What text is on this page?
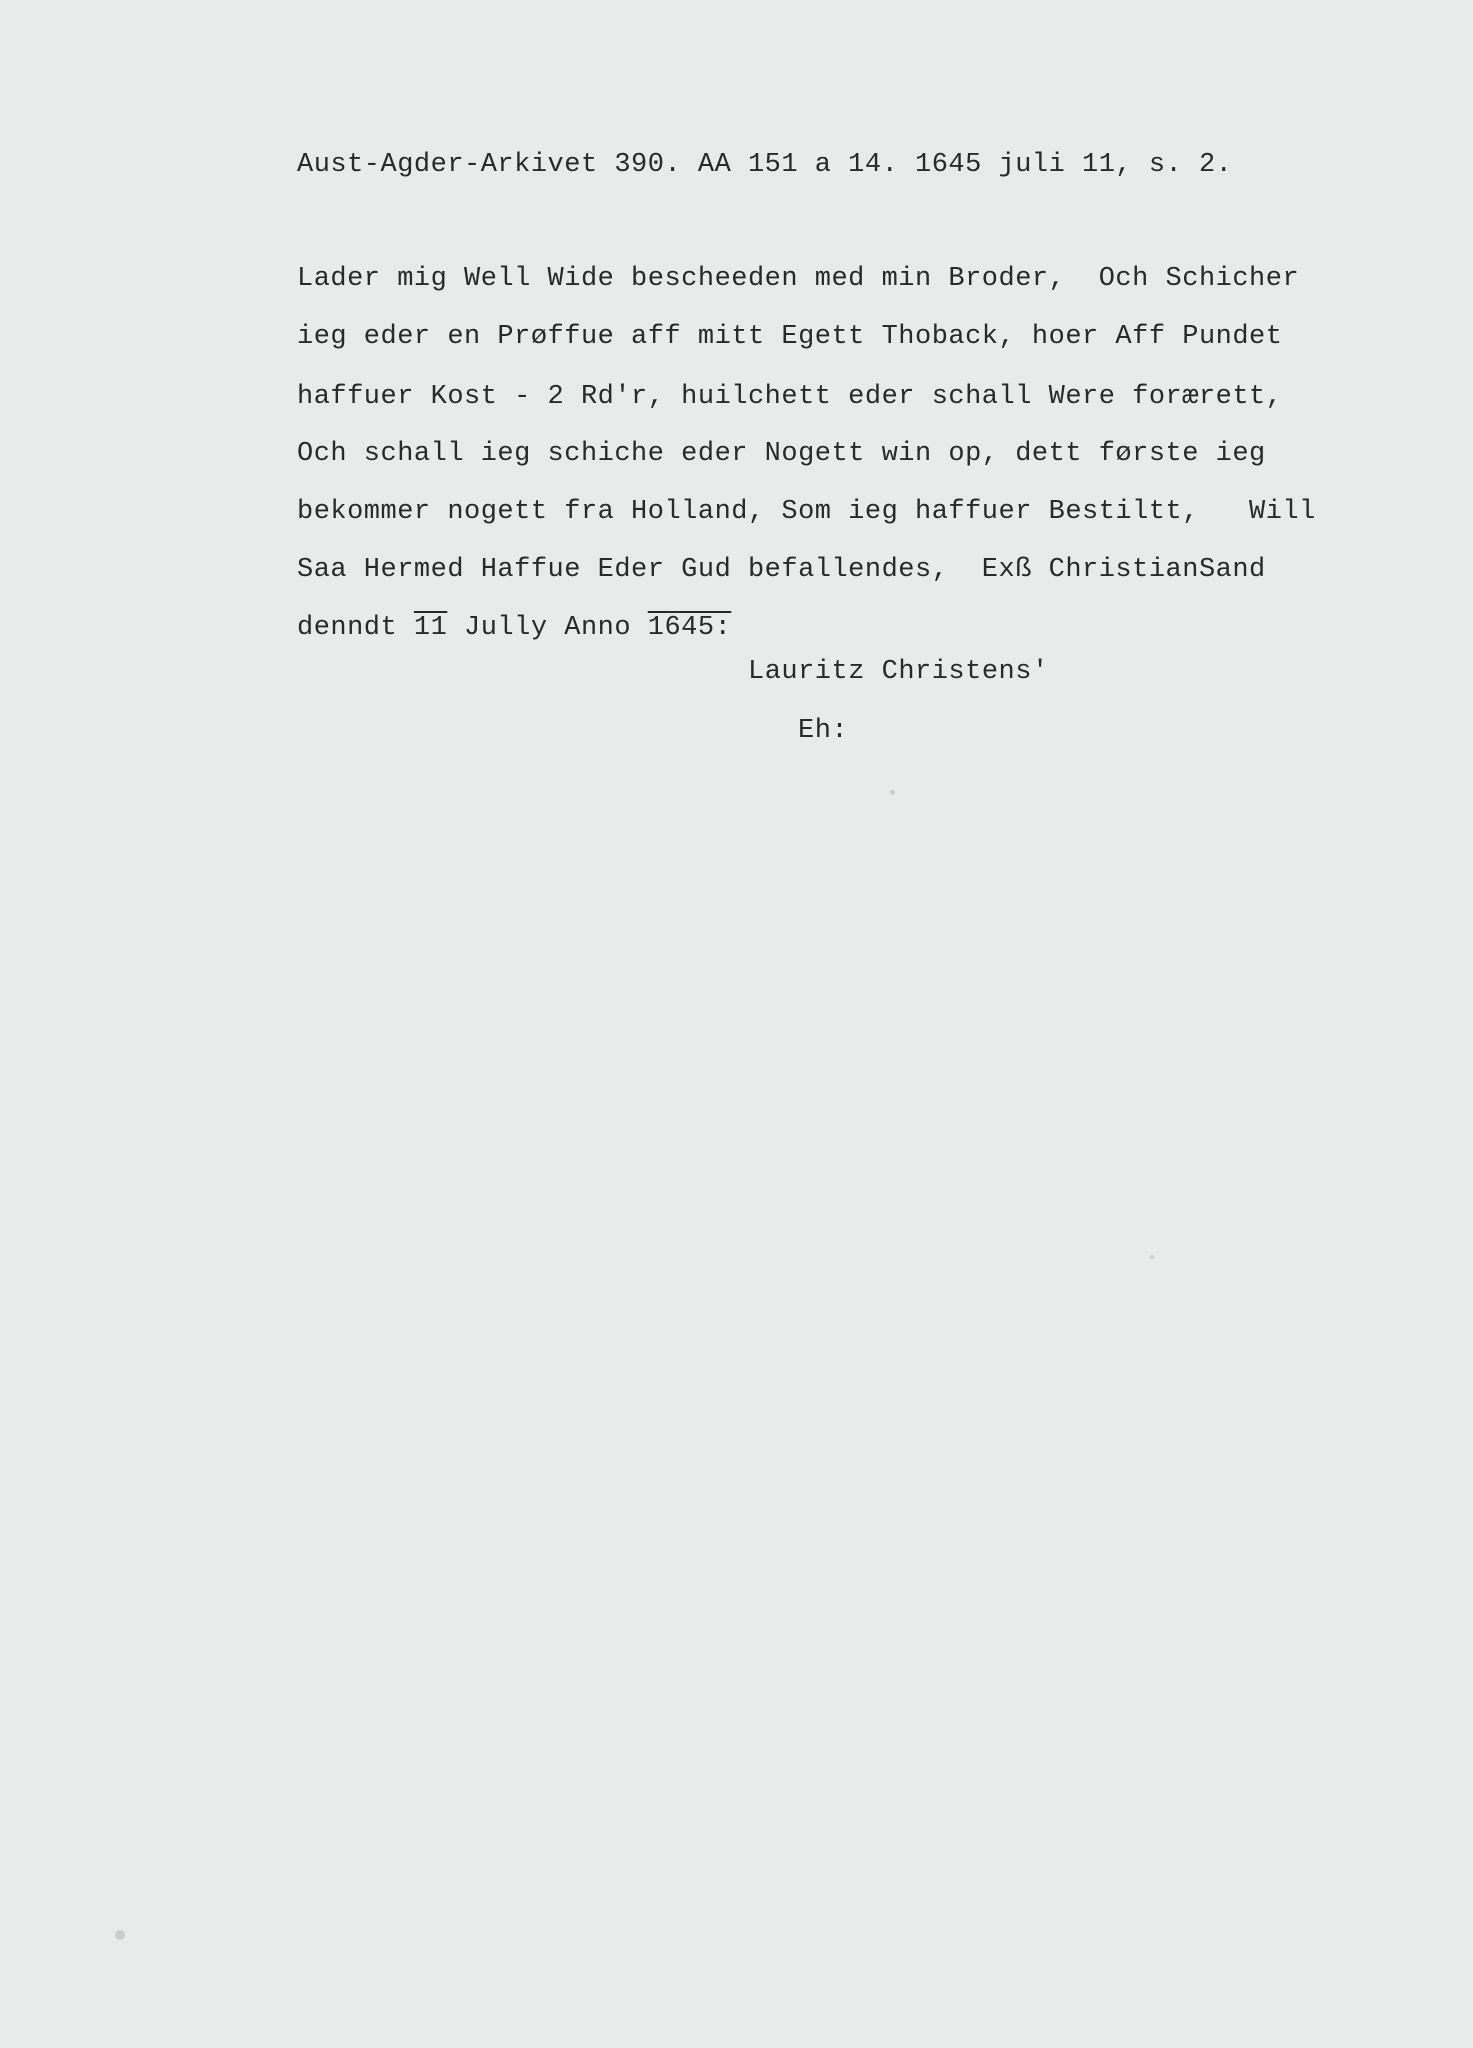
Aust-Agder-Arkivet 390. AA 151 a 14. 1645 juli 11, s. 2.
Lader mig Well Wide bescheeden med min Broder,  Och Schicher
ieg eder en Prøffue aff mitt Egett Thoback, hoer Aff Pundet
haffuer Kost - 2 Rd'r, huilchett eder schall Were forærett,
Och schall ieg schiche eder Nogett win op, dett første ieg
bekommer nogett fra Holland, Som ieg haffuer Bestiltt,   Will
Saa Hermed Haffue Eder Gud befallendes,  Exß ChristianSand
denndt 11 Jully Anno 1645:
Lauritz Christens'
Eh:
